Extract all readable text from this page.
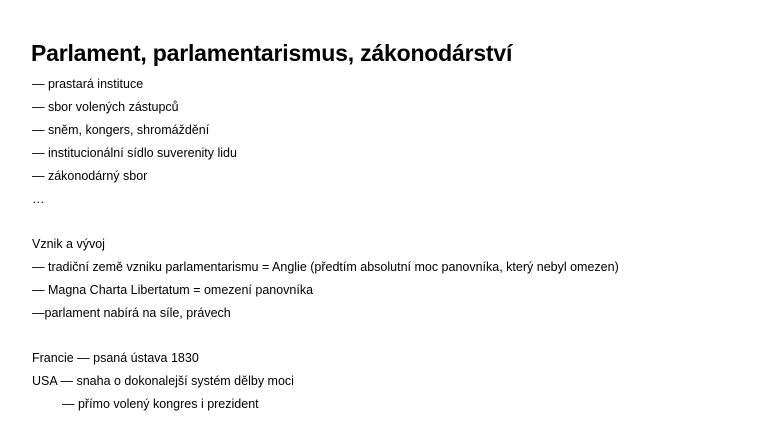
Parlament, parlamentarismus, zákonodárství
— prastará instituce
— sbor volených zástupců
— sněm, kongers, shromáždění
— institucionální sídlo suverenity lidu
— zákonodárný sbor
…
Vznik a vývoj
— tradiční země vzniku parlamentarismu = Anglie (předtím absolutní moc panovníka, který nebyl omezen)
— Magna Charta Libertatum = omezení panovníka
—parlament nabírá na síle, právech
Francie — psaná ústava 1830
USA — snaha o dokonalejší systém dělby moci
— přímo volený kongres i prezident
